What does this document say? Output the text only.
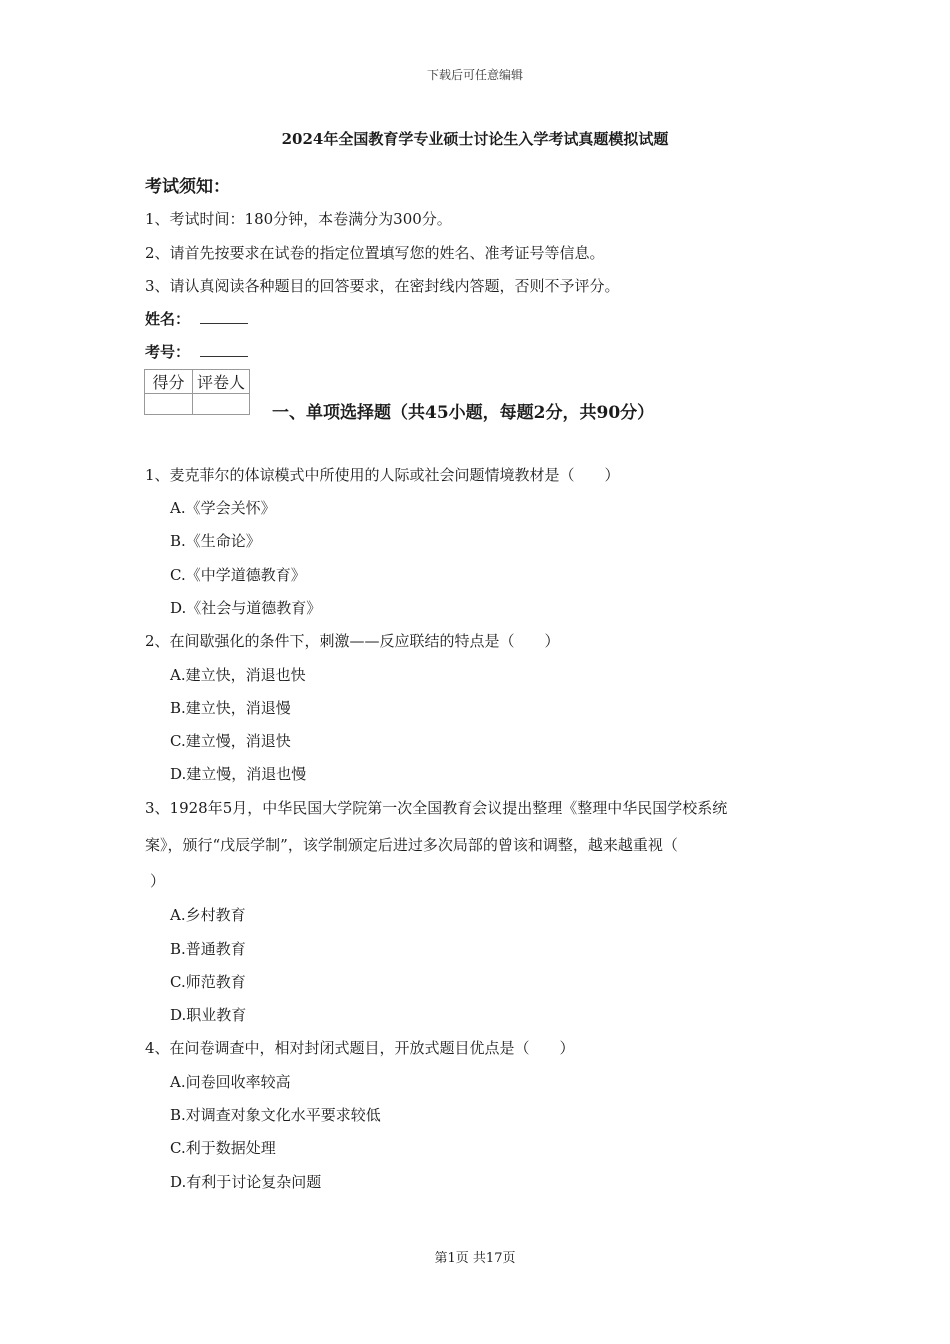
下载后可任意编辑
2024年全国教育学专业硕士讨论生入学考试真题模拟试题
考试须知：
1、考试时间：180分钟，本卷满分为300分。
2、请首先按要求在试卷的指定位置填写您的姓名、准考证号等信息。
3、请认真阅读各种题目的回答要求，在密封线内答题，否则不予评分。
姓名：
考号：
得分	评卷人

一、单项选择题（共45小题，每题2分，共90分）
1、麦克菲尔的体谅模式中所使用的人际或社会问题情境教材是（　　）
A.《学会关怀》
B.《生命论》
C.《中学道德教育》
D.《社会与道德教育》
2、在间歇强化的条件下，刺激——反应联结的特点是（　　）
A.建立快，消退也快
B.建立快，消退慢
C.建立慢，消退快
D.建立慢，消退也慢
3、1928年5月，中华民国大学院第一次全国教育会议提出整理《整理中华民国学校系统
案》，颁行“戊辰学制”，该学制颁定后进过多次局部的曾该和调整，越来越重视（
）
A.乡村教育
B.普通教育
C.师范教育
D.职业教育
4、在问卷调查中，相对封闭式题目，开放式题目优点是（　　）
A.问卷回收率较高
B.对调查对象文化水平要求较低
C.利于数据处理
D.有利于讨论复杂问题
第1页 共17页
